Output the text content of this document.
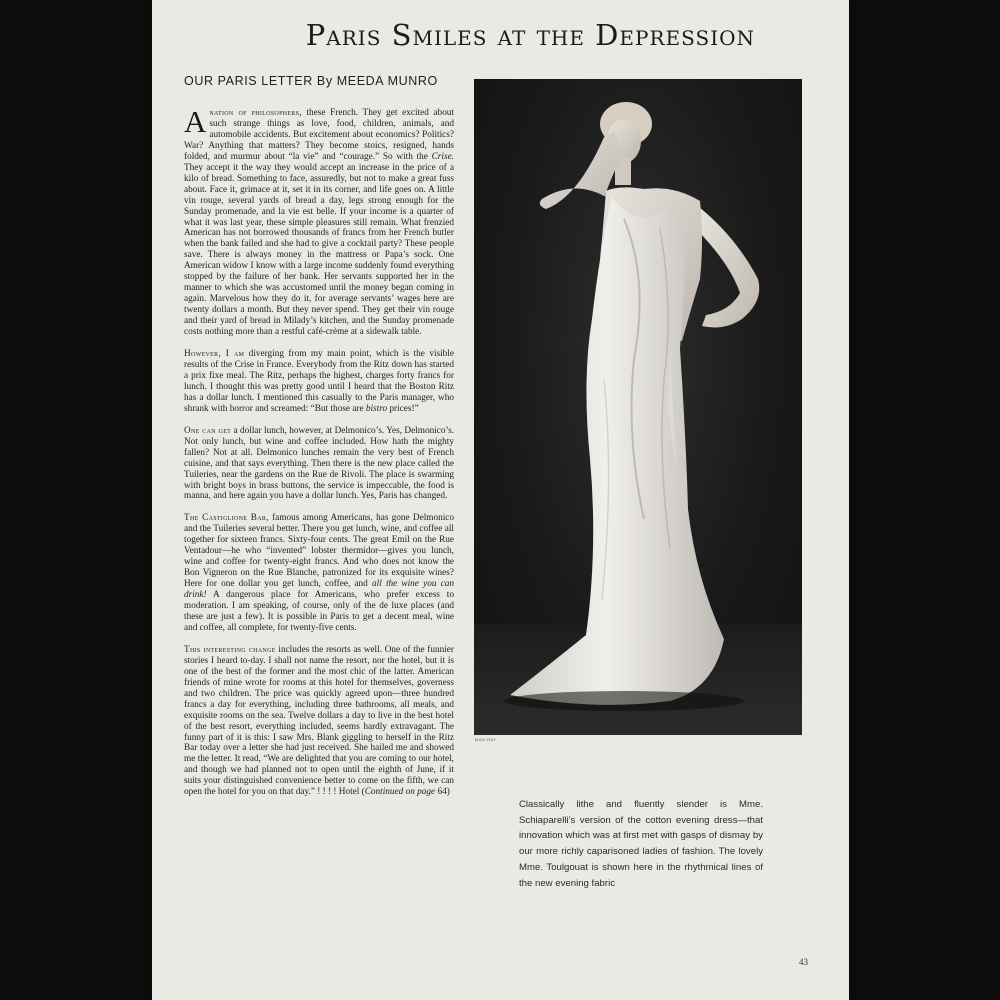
Paris Smiles at the Depression
OUR PARIS LETTER By MEEDA MUNRO

Anation of philosophers, these French. They get excited about such strange things as love, food, children, animals, and automobile accidents. But excitement about economics? Politics? War? Anything that matters? They become stoics, resigned, hands folded, and murmur about “la vie” and “courage.” So with the Crise. They accept it the way they would accept an increase in the price of a kilo of bread. Something to face, assuredly, but not to make a great fuss about. Face it, grimace at it, set it in its corner, and life goes on. A little vin rouge, several yards of bread a day, legs strong enough for the Sunday promenade, and la vie est belle. If your income is a quarter of what it was last year, these simple pleasures still remain. What frenzied American has not borrowed thousands of francs from her French butler when the bank failed and she had to give a cocktail party? These people save. There is always money in the mattress or Papa’s sock. One American widow I know with a large income suddenly found everything stopped by the failure of her bank. Her servants supported her in the manner to which she was accustomed until the money began coming in again. Marvelous how they do it, for average servants’ wages here are twenty dollars a month. But they never spend. They get their vin rouge and their yard of bread in Milady’s kitchen, and the Sunday promenade costs nothing more than a restful café-crème at a sidewalk table.

However, I am diverging from my main point, which is the visible results of the Crise in France. Everybody from the Ritz down has started a prix fixe meal. The Ritz, perhaps the highest, charges forty francs for lunch. I thought this was pretty good until I heard that the Boston Ritz has a dollar lunch. I mentioned this casually to the Paris manager, who shrank with horror and screamed: “But those are bistro prices!”

One can get a dollar lunch, however, at Delmonico’s. Yes, Delmonico’s. Not only lunch, but wine and coffee included. How hath the mighty fallen? Not at all. Delmonico lunches remain the very best of French cuisine, and that says everything. Then there is the new place called the Tuileries, near the gardens on the Rue de Rivoli. The place is swarming with bright boys in brass buttons, the service is impeccable, the food is manna, and here again you have a dollar lunch. Yes, Paris has changed.

The Castiglione Bar, famous among Americans, has gone Delmonico and the Tuileries several better. There you get lunch, wine, and coffee all together for sixteen francs. Sixty-four cents. The great Emil on the Rue Ventadour—he who “invented” lobster thermidor—gives you lunch, wine and coffee for twenty-eight francs. And who does not know the Bon Vigneron on the Rue Blanche, patronized for its exquisite wines? Here for one dollar you get lunch, coffee, and all the wine you can drink! A dangerous place for Americans, who prefer excess to moderation. I am speaking, of course, only of the de luxe places (and these are just a few). It is possible in Paris to get a decent meal, wine and coffee, all complete, for twenty-five cents.

This interesting change includes the resorts as well. One of the funnier stories I heard to-day. I shall not name the resort, nor the hotel, but it is one of the best of the former and the most chic of the latter. American friends of mine wrote for rooms at this hotel for themselves, governess and two children. The price was quickly agreed upon—three hundred francs a day for everything, including three bathrooms, all meals, and exquisite rooms on the sea. Twelve dollars a day to live in the best hotel of the best resort, everything included, seems hardly extravagant. The funny part of it is this: I saw Mrs. Blank giggling to herself in the Ritz Bar today over a letter she had just received. She hailed me and showed me the letter. It read, “We are delighted that you are coming to our hotel, and though we had planned not to open until the eighth of June, if it suits your distinguished convenience better to come on the fifth, we can open the hotel for you on that day.” ! ! ! ! Hotel (Continued on page 64)

MAN RAY
Classically lithe and fluently slender is Mme. Schiaparelli’s version of the cotton evening dress—that innovation which was at first met with gasps of dismay by our more richly caparisoned ladies of fashion. The lovely Mme. Toulgouat is shown here in the rhythmical lines of the new evening fabric
43
